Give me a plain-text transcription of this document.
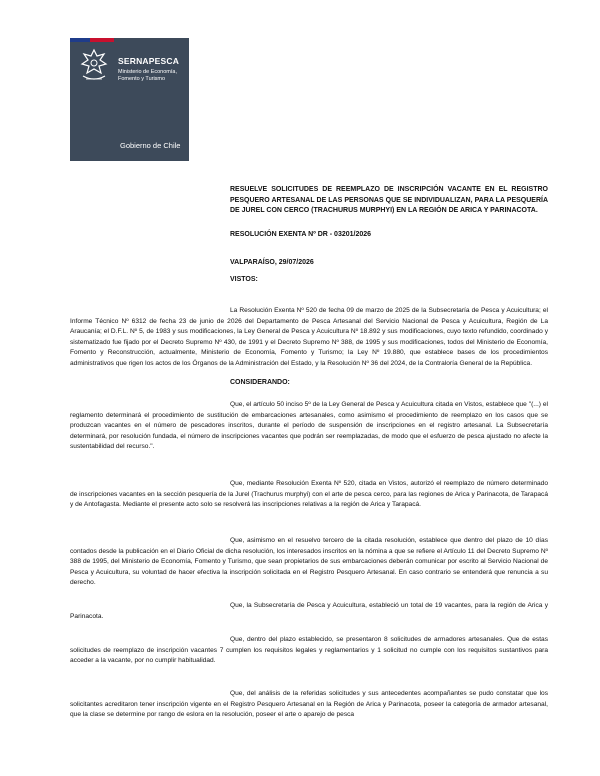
SERNAPESCA
Ministerio de Economía, Fomento y Turismo
Gobierno de Chile
RESUELVE SOLICITUDES DE REEMPLAZO DE INSCRIPCIÓN VACANTE EN EL REGISTRO PESQUERO ARTESANAL DE LAS PERSONAS QUE SE INDIVIDUALIZAN, PARA LA PESQUERÍA DE JUREL CON CERCO (TRACHURUS MURPHYI) EN LA REGIÓN DE ARICA Y PARINACOTA.
RESOLUCIÓN EXENTA Nº DR - 03201/2026
VALPARAÍSO, 29/07/2026
VISTOS:

La Resolución Exenta Nº 520 de fecha 09 de marzo de 2025 de la Subsecretaría de Pesca y Acuicultura; el Informe Técnico Nº 6312 de fecha 23 de junio de 2026 del Departamento de Pesca Artesanal del Servicio Nacional de Pesca y Acuicultura, Región de La Araucanía; el D.F.L. Nº 5, de 1983 y sus modificaciones, la Ley General de Pesca y Acuicultura Nº 18.892 y sus modificaciones, cuyo texto refundido, coordinado y sistematizado fue fijado por el Decreto Supremo Nº 430, de 1991 y el Decreto Supremo Nº 388, de 1995 y sus modificaciones, todos del Ministerio de Economía, Fomento y Reconstrucción, actualmente, Ministerio de Economía, Fomento y Turismo; la Ley Nº 19.880, que establece bases de los procedimientos administrativos que rigen los actos de los Órganos de la Administración del Estado, y la Resolución Nº 36 del 2024, de la Contraloría General de la República.

CONSIDERANDO:

Que, el artículo 50 inciso 5º de la Ley General de Pesca y Acuicultura citada en Vistos, establece que "(...) el reglamento determinará el procedimiento de sustitución de embarcaciones artesanales, como asimismo el procedimiento de reemplazo en los casos que se produzcan vacantes en el número de pescadores inscritos, durante el período de suspensión de inscripciones en el registro artesanal. La Subsecretaría determinará, por resolución fundada, el número de inscripciones vacantes que podrán ser reemplazadas, de modo que el esfuerzo de pesca ajustado no afecte la sustentabilidad del recurso.".

Que, mediante Resolución Exenta Nº 520, citada en Vistos, autorizó el reemplazo de número determinado de inscripciones vacantes en la sección pesquería de la Jurel (Trachurus murphyi) con el arte de pesca cerco, para las regiones de Arica y Parinacota, de Tarapacá y de Antofagasta. Mediante el presente acto solo se resolverá las inscripciones relativas a la región de Arica y Tarapacá.

Que, asimismo en el resuelvo tercero de la citada resolución, establece que dentro del plazo de 10 días contados desde la publicación en el Diario Oficial de dicha resolución, los interesados inscritos en la nómina a que se refiere el Artículo 11 del Decreto Supremo Nº 388 de 1995, del Ministerio de Economía, Fomento y Turismo, que sean propietarios de sus embarcaciones deberán comunicar por escrito al Servicio Nacional de Pesca y Acuicultura, su voluntad de hacer efectiva la inscripción solicitada en el Registro Pesquero Artesanal. En caso contrario se entenderá que renuncia a su derecho.

Que, la Subsecretaría de Pesca y Acuicultura, estableció un total de 19 vacantes, para la región de Arica y Parinacota.

Que, dentro del plazo establecido, se presentaron 8 solicitudes de armadores artesanales. Que de estas solicitudes de reemplazo de inscripción vacantes 7 cumplen los requisitos legales y reglamentarios y 1 solicitud no cumple con los requisitos sustantivos para acceder a la vacante, por no cumplir habitualidad.

Que, del análisis de la referidas solicitudes y sus antecedentes acompañantes se pudo constatar que los solicitantes acreditaron tener inscripción vigente en el Registro Pesquero Artesanal en la Región de Arica y Parinacota, poseer la categoría de armador artesanal, que la clase se determine por rango de eslora en la resolución, poseer el arte o aparejo de pesca
